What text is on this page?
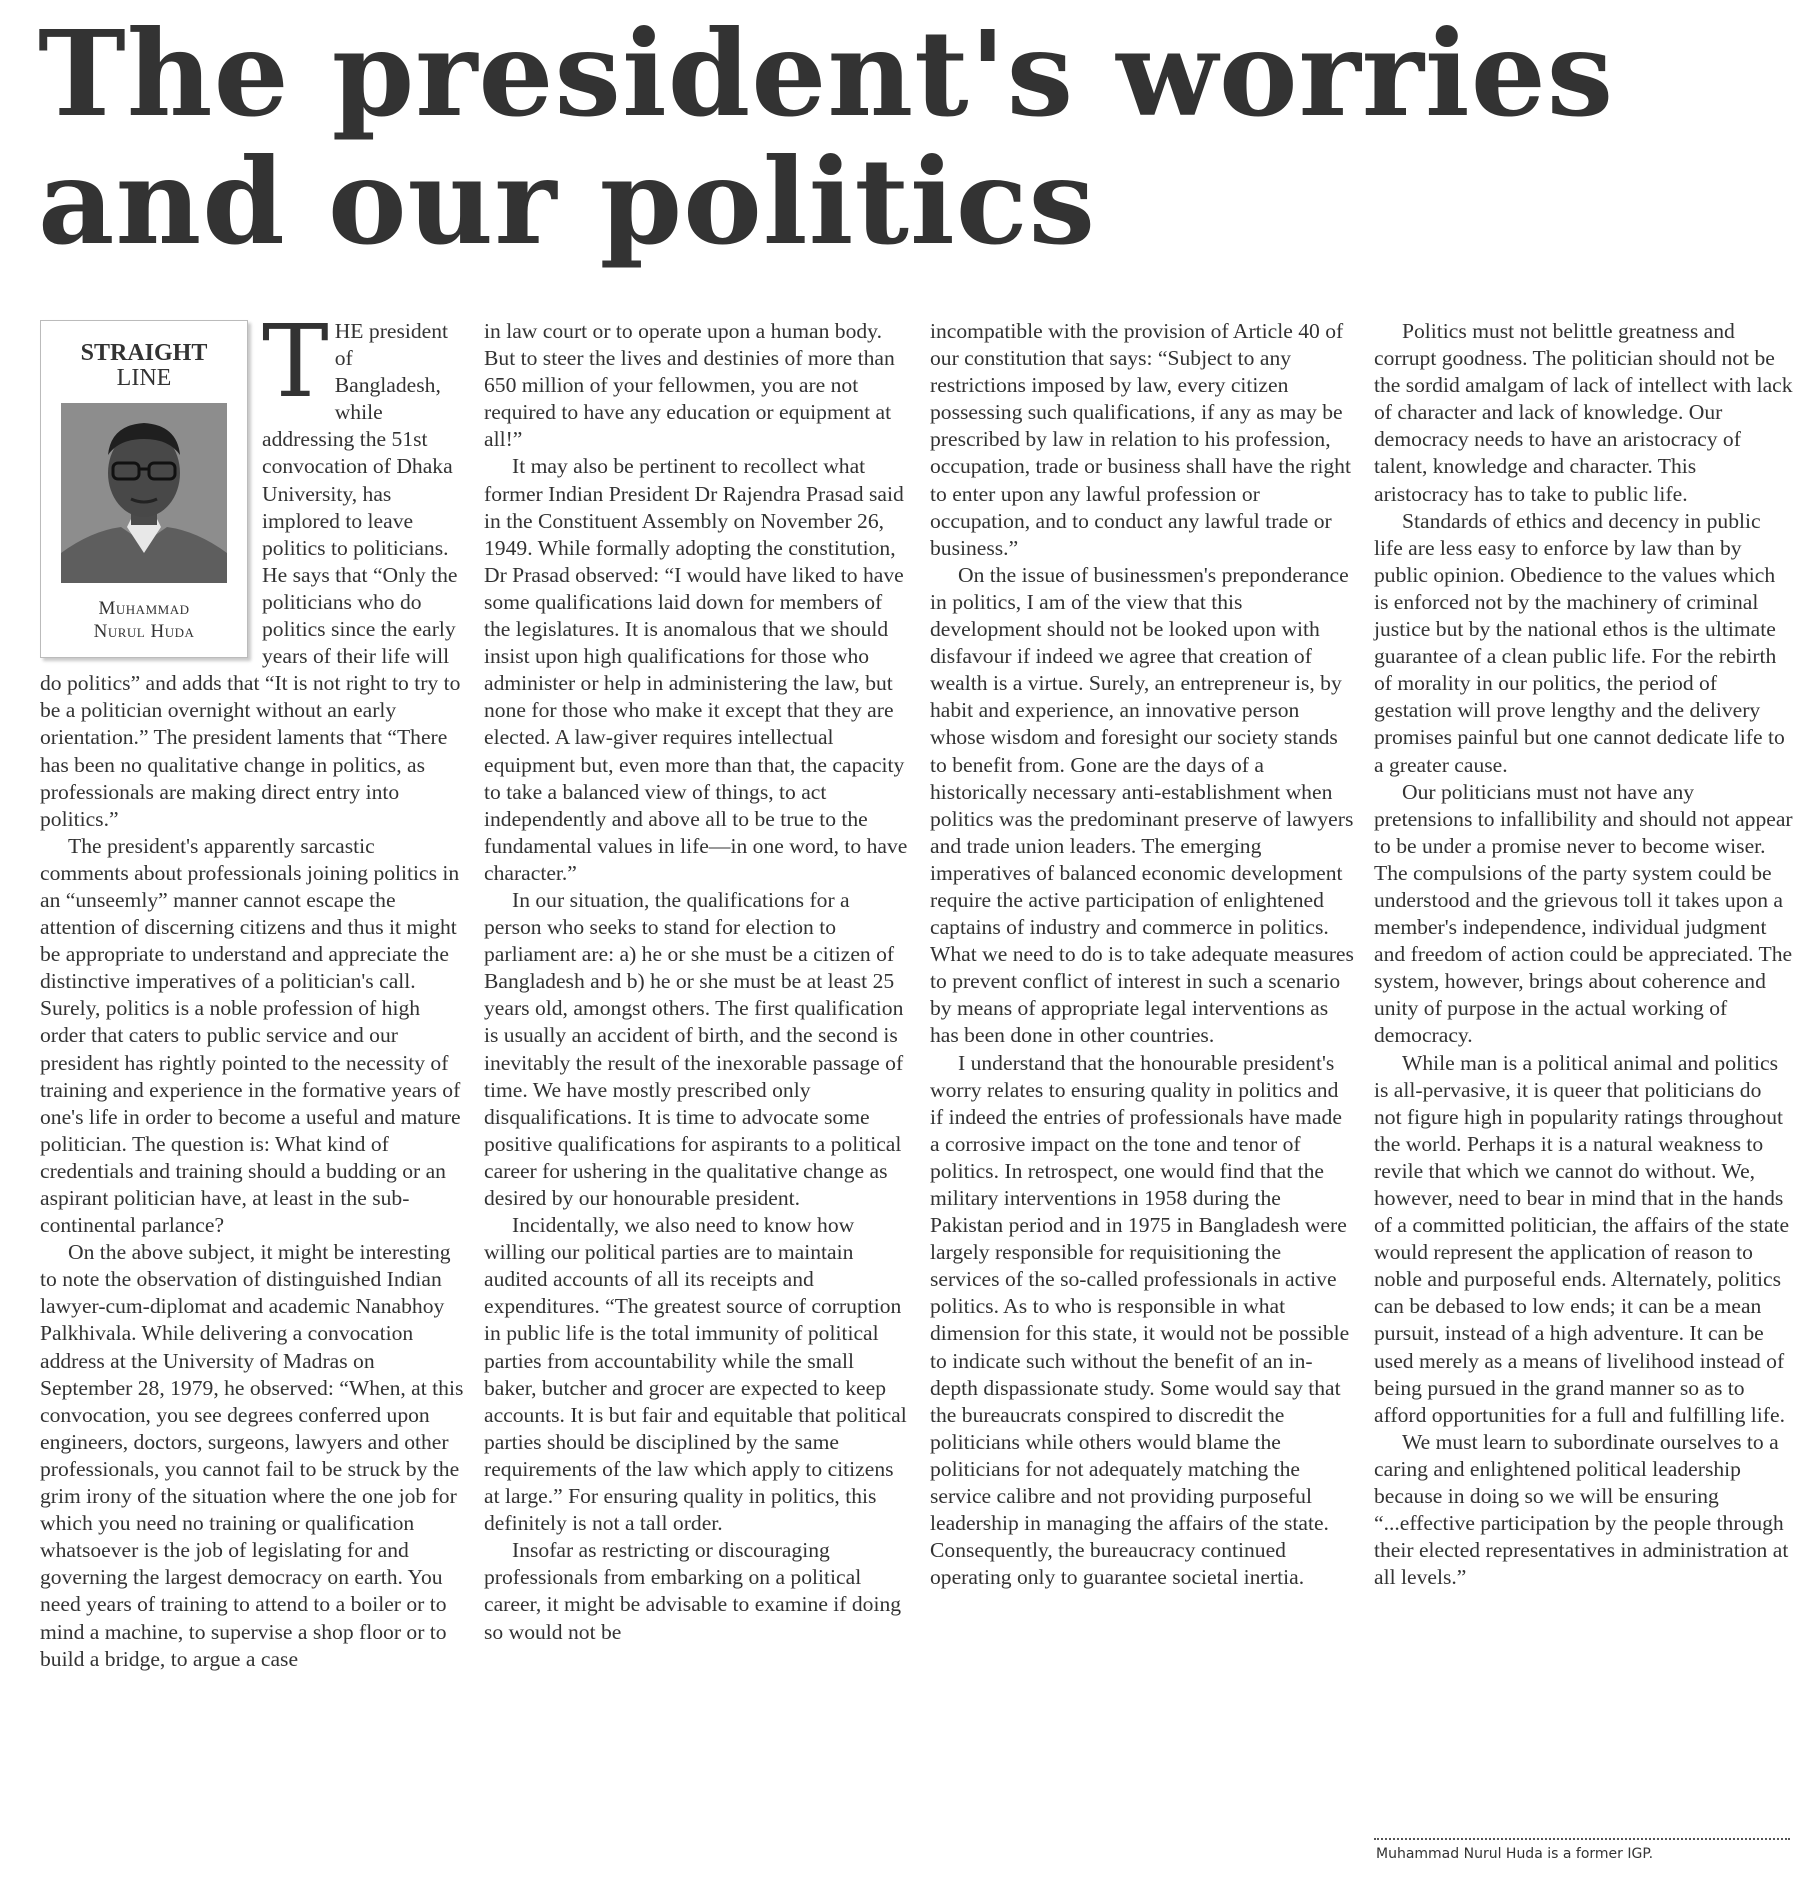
The president's worries
and our politics
STRAIGHT
LINE
Muhammad
Nurul Huda

THE president of Bangladesh, while addressing the 51st convocation of Dhaka University, has implored to leave politics to politicians. He says that “Only the politicians who do politics since the early years of their life will do politics” and adds that “It is not right to try to be a politician overnight without an early orientation.” The president laments that “There has been no qualitative change in politics, as professionals are making direct entry into politics.”

The president's apparently sarcastic comments about professionals joining politics in an “unseemly” manner cannot escape the attention of discerning citizens and thus it might be appropriate to understand and appreciate the distinctive imperatives of a politician's call. Surely, politics is a noble profession of high order that caters to public service and our president has rightly pointed to the necessity of training and experience in the formative years of one's life in order to become a useful and mature politician. The question is: What kind of credentials and training should a budding or an aspirant politician have, at least in the sub-continental parlance?

On the above subject, it might be interesting to note the observation of distinguished Indian lawyer-cum-diplomat and academic Nanabhoy Palkhivala. While delivering a convocation address at the University of Madras on September 28, 1979, he observed: “When, at this convocation, you see degrees conferred upon engineers, doctors, surgeons, lawyers and other professionals, you cannot fail to be struck by the grim irony of the situation where the one job for which you need no training or qualification whatsoever is the job of legislating for and governing the largest democracy on earth. You need years of training to attend to a boiler or to mind a machine, to supervise a shop floor or to build a bridge, to argue a case

in law court or to operate upon a human body. But to steer the lives and destinies of more than 650 million of your fellowmen, you are not required to have any education or equipment at all!”

It may also be pertinent to recollect what former Indian President Dr Rajendra Prasad said in the Constituent Assembly on November 26, 1949. While formally adopting the constitution, Dr Prasad observed: “I would have liked to have some qualifications laid down for members of the legislatures. It is anomalous that we should insist upon high qualifications for those who administer or help in administering the law, but none for those who make it except that they are elected. A law-giver requires intellectual equipment but, even more than that, the capacity to take a balanced view of things, to act independently and above all to be true to the fundamental values in life—in one word, to have character.”

In our situation, the qualifications for a person who seeks to stand for election to parliament are: a) he or she must be a citizen of Bangladesh and b) he or she must be at least 25 years old, amongst others. The first qualification is usually an accident of birth, and the second is inevitably the result of the inexorable passage of time. We have mostly prescribed only disqualifications. It is time to advocate some positive qualifications for aspirants to a political career for ushering in the qualitative change as desired by our honourable president.

Incidentally, we also need to know how willing our political parties are to maintain audited accounts of all its receipts and expenditures. “The greatest source of corruption in public life is the total immunity of political parties from accountability while the small baker, butcher and grocer are expected to keep accounts. It is but fair and equitable that political parties should be disciplined by the same requirements of the law which apply to citizens at large.” For ensuring quality in politics, this definitely is not a tall order.

Insofar as restricting or discouraging professionals from embarking on a political career, it might be advisable to examine if doing so would not be

incompatible with the provision of Article 40 of our constitution that says: “Subject to any restrictions imposed by law, every citizen possessing such qualifications, if any as may be prescribed by law in relation to his profession, occupation, trade or business shall have the right to enter upon any lawful profession or occupation, and to conduct any lawful trade or business.”

On the issue of businessmen's preponderance in politics, I am of the view that this development should not be looked upon with disfavour if indeed we agree that creation of wealth is a virtue. Surely, an entrepreneur is, by habit and experience, an innovative person whose wisdom and foresight our society stands to benefit from. Gone are the days of a historically necessary anti-establishment when politics was the predominant preserve of lawyers and trade union leaders. The emerging imperatives of balanced economic development require the active participation of enlightened captains of industry and commerce in politics. What we need to do is to take adequate measures to prevent conflict of interest in such a scenario by means of appropriate legal interventions as has been done in other countries.

I understand that the honourable president's worry relates to ensuring quality in politics and if indeed the entries of professionals have made a corrosive impact on the tone and tenor of politics. In retrospect, one would find that the military interventions in 1958 during the Pakistan period and in 1975 in Bangladesh were largely responsible for requisitioning the services of the so-called professionals in active politics. As to who is responsible in what dimension for this state, it would not be possible to indicate such without the benefit of an in-depth dispassionate study. Some would say that the bureaucrats conspired to discredit the politicians while others would blame the politicians for not adequately matching the service calibre and not providing purposeful leadership in managing the affairs of the state. Consequently, the bureaucracy continued operating only to guarantee societal inertia.

Politics must not belittle greatness and corrupt goodness. The politician should not be the sordid amalgam of lack of intellect with lack of character and lack of knowledge. Our democracy needs to have an aristocracy of talent, knowledge and character. This aristocracy has to take to public life.

Standards of ethics and decency in public life are less easy to enforce by law than by public opinion. Obedience to the values which is enforced not by the machinery of criminal justice but by the national ethos is the ultimate guarantee of a clean public life. For the rebirth of morality in our politics, the period of gestation will prove lengthy and the delivery promises painful but one cannot dedicate life to a greater cause.

Our politicians must not have any pretensions to infallibility and should not appear to be under a promise never to become wiser. The compulsions of the party system could be understood and the grievous toll it takes upon a member's independence, individual judgment and freedom of action could be appreciated. The system, however, brings about coherence and unity of purpose in the actual working of democracy.

While man is a political animal and politics is all-pervasive, it is queer that politicians do not figure high in popularity ratings throughout the world. Perhaps it is a natural weakness to revile that which we cannot do without. We, however, need to bear in mind that in the hands of a committed politician, the affairs of the state would represent the application of reason to noble and purposeful ends. Alternately, politics can be debased to low ends; it can be a mean pursuit, instead of a high adventure. It can be used merely as a means of livelihood instead of being pursued in the grand manner so as to afford opportunities for a full and fulfilling life.

We must learn to subordinate ourselves to a caring and enlightened political leadership because in doing so we will be ensuring “...effective participation by the people through their elected representatives in administration at all levels.”

Muhammad Nurul Huda is a former IGP.
